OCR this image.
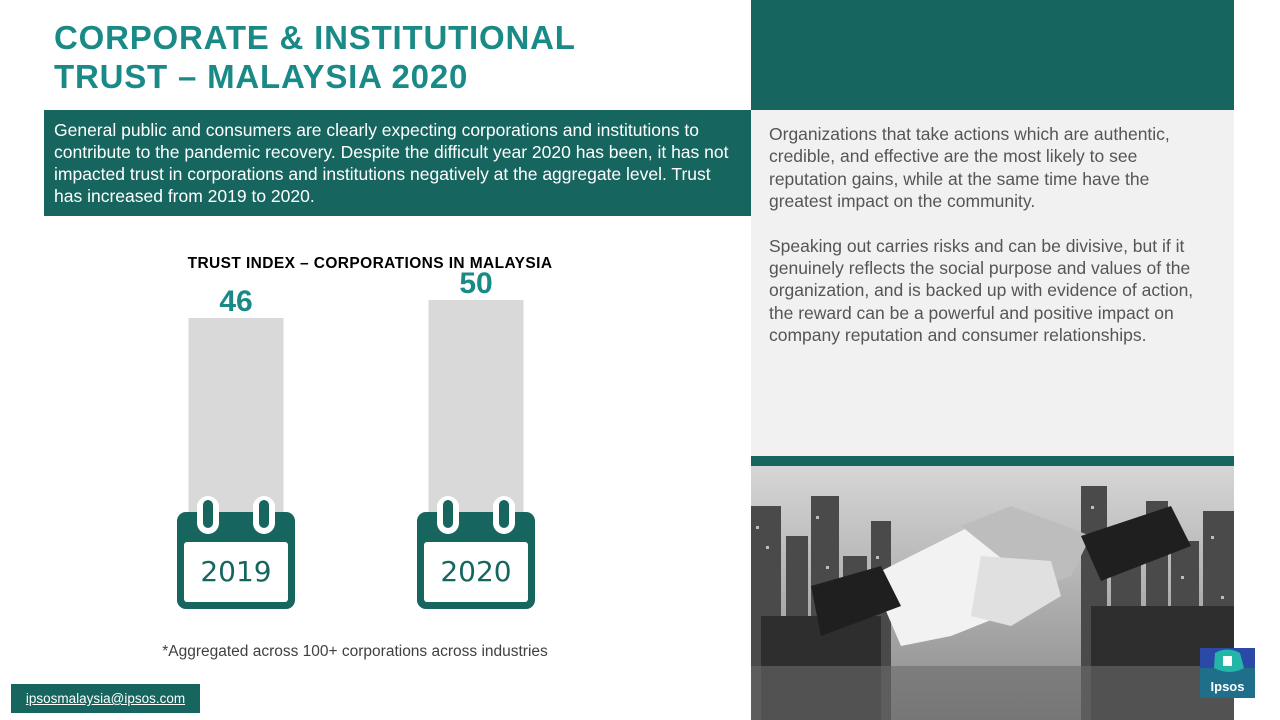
CORPORATE & INSTITUTIONAL
TRUST – MALAYSIA 2020
General public and consumers are clearly expecting corporations and institutions to contribute to the pandemic recovery. Despite the difficult year 2020 has been, it has not impacted trust in corporations and institutions negatively at the aggregate level. Trust has increased from 2019 to 2020.

Organizations that take actions which are authentic, credible, and effective are the most likely to see reputation gains, while at the same time have the greatest impact on the community.

Speaking out carries risks and can be divisive, but if it genuinely reflects the social purpose and values of the organization, and is backed up with evidence of action, the reward can be a powerful and positive impact on company reputation and consumer relationships.

TRUST INDEX – CORPORATIONS IN MALAYSIA
46
2019
50
2020
*Aggregated across 100+ corporations across industries
ipsosmalaysia@ipsos.com
Ipsos
